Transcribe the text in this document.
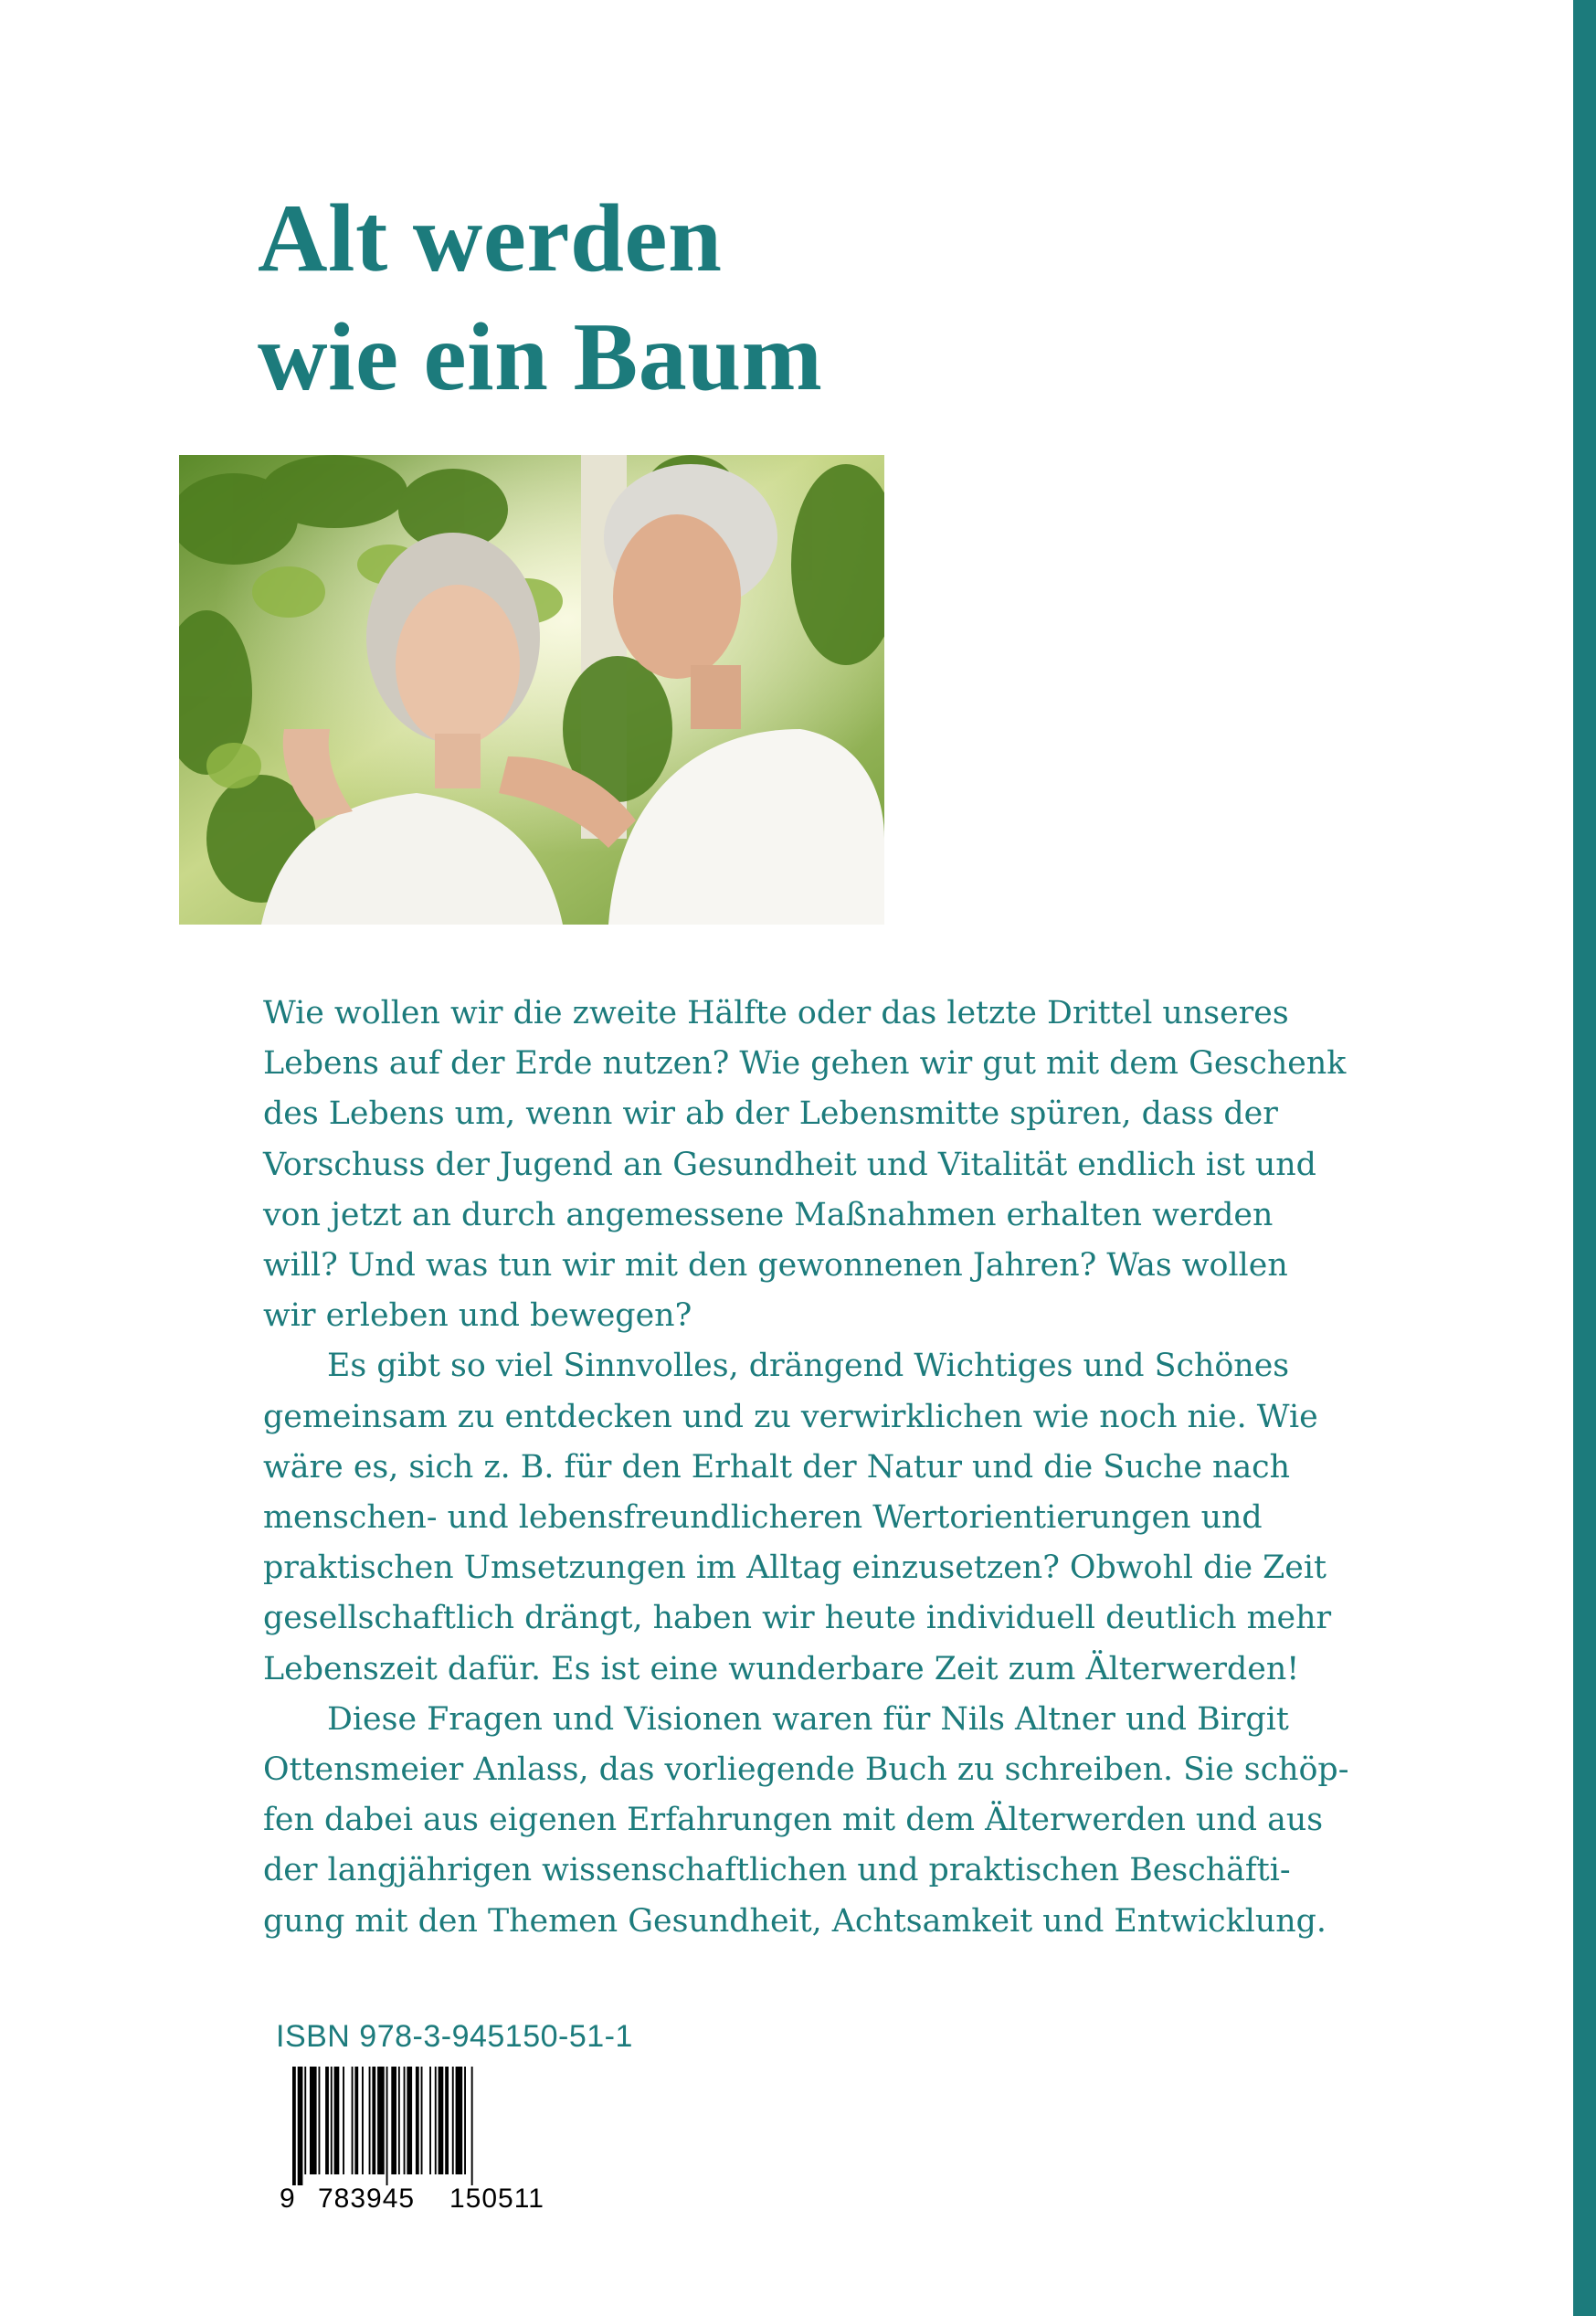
Alt werden
wie ein Baum

Wie wollen wir die zweite Hälfte oder das letzte Drittel unseres
Lebens auf der Erde nutzen? Wie gehen wir gut mit dem Geschenk
des Lebens um, wenn wir ab der Lebensmitte spüren, dass der
Vorschuss der Jugend an Gesundheit und Vitalität endlich ist und
von jetzt an durch angemessene Maßnahmen erhalten werden
will? Und was tun wir mit den gewonnenen Jahren? Was wollen
wir erleben und bewegen?

Es gibt so viel Sinnvolles, drängend Wichtiges und Schönes
gemeinsam zu entdecken und zu verwirklichen wie noch nie. Wie
wäre es, sich z. B. für den Erhalt der Natur und die Suche nach
menschen- und lebensfreundlicheren Wertorientierungen und
praktischen Umsetzungen im Alltag einzusetzen? Obwohl die Zeit
gesellschaftlich drängt, haben wir heute individuell deutlich mehr
Lebenszeit dafür. Es ist eine wunderbare Zeit zum Älterwerden!

Diese Fragen und Visionen waren für Nils Altner und Birgit
Ottensmeier Anlass, das vorliegende Buch zu schreiben. Sie schöp-
fen dabei aus eigenen Erfahrungen mit dem Älterwerden und aus
der langjährigen wissenschaftlichen und praktischen Beschäfti-
gung mit den Themen Gesundheit, Achtsamkeit und Entwicklung.

ISBN 978-3-945150-51-1
9 783945 150511
